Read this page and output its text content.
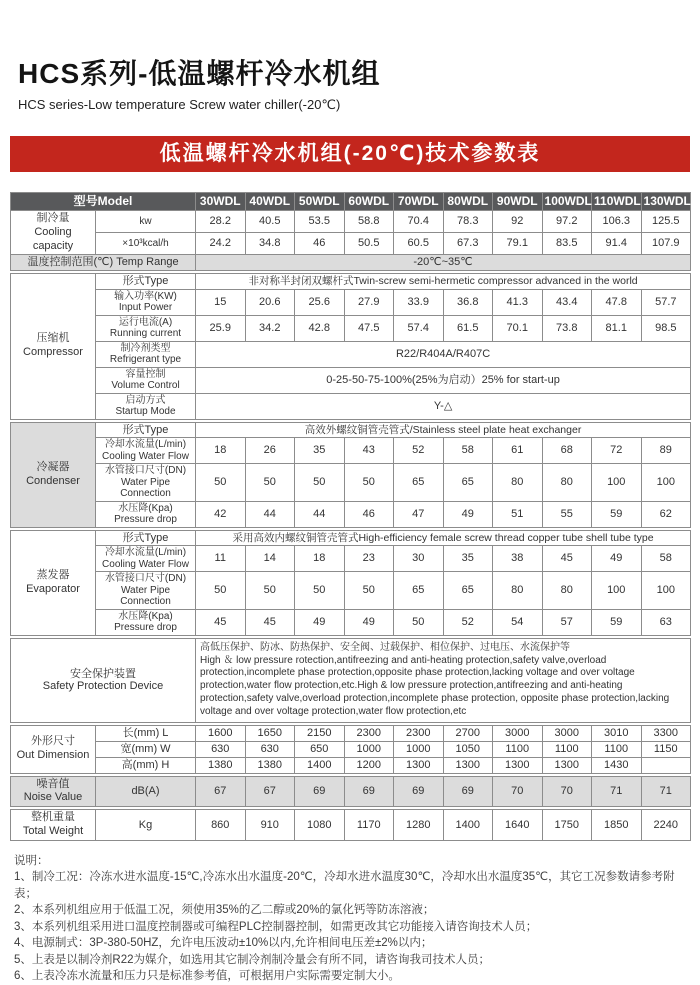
HCS系列-低温螺杆冷水机组
HCS series-Low temperature Screw water chiller(-20℃)
低温螺杆冷水机组(-20℃)技术参数表
型号Model		30WDL	40WDL	50WDL	60WDL	70WDL	80WDL	90WDL	100WDL	110WDL	130WDL

制冷量
Cooling capacity	kw	28.2	40.5	53.5	58.8	70.4	78.3	92	97.2	106.3	125.5
	×10³kcal/h	24.2	34.8	46	50.5	60.5	67.3	79.1	83.5	91.4	107.9
温度控制范围(℃) Temp Range		-20℃~35℃									
压缩机
Compressor	形式Type	非对称半封闭双螺杆式Twin-screw semi-hermetic compressor advanced in the world									

	输入功率(KW)
Input Power	15	20.6	25.6	27.9	33.9	36.8	41.3	43.4	47.8	57.7

	运行电流(A)
Running current	25.9	34.2	42.8	47.5	57.4	61.5	70.1	73.8	81.1	98.5

	制冷剂类型
Refrigerant type	R22/R404A/R407C									

	容量控制
Volume Control	0-25-50-75-100%(25%为启动）25% for start-up									

	启动方式
Startup Mode	Y-△									
冷凝器
Condenser	形式Type	高效外螺纹铜管壳管式/Stainless steel plate heat exchanger									

	冷却水流量(L/min)
Cooling Water Flow	18	26	35	43	52	58	61	68	72	89

	水管接口尺寸(DN)
Water Pipe Connection	50	50	50	50	65	65	80	80	100	100

	水压降(Kpa)
Pressure drop	42	44	44	46	47	49	51	55	59	62
蒸发器
Evaporator	形式Type	采用高效内螺纹铜管壳管式High-efficiency female screw thread copper tube shell tube type									

	冷却水流量(L/min)
Cooling Water Flow	11	14	18	23	30	35	38	45	49	58

	水管接口尺寸(DN)
Water Pipe Connection	50	50	50	50	65	65	80	80	100	100

	水压降(Kpa)
Pressure drop	45	45	49	49	50	52	54	57	59	63
安全保护装置
Safety Protection Device

高低压保护、防冰、防热保护、安全阀、过载保护、相位保护、过电压、水流保护等
High ＆ low pressure rotection,antifreezing and anti-heating protection,safety valve,overload protection,incomplete phase protection,opposite phase protection,lacking voltage and over voltage protection,water flow protection,etc.High & low pressure protection,antifreezing and anti-heating protection,safety valve,overload protection,incomplete phase protection, opposite phase protection,lacking voltage and over voltage protection,water flow protection,etc
外形尺寸
Out Dimension	长(mm) L	1600	1650	2150	2300	2300	2700	3000	3000	3010	3300
	宽(mm) W	630	630	650	1000	1000	1050	1100	1100	1100	1150
	高(mm) H	1380	1380	1400	1200	1300	1300	1300	1300	1430	
噪音值
Noise Value
	dB(A)	67	67	69	69	69	69	70	70	71	71
整机重量
Total Weight
	Kg	860	910	1080	1170	1280	1400	1640	1750	1850	2240
说明：
1、制冷工况：冷冻水进水温度-15℃,冷冻水出水温度-20℃，冷却水进水温度30℃，冷却水出水温度35℃，其它工况参数请参考附表；
2、本系列机组应用于低温工况，须使用35%的乙二醇或20%的氯化钙等防冻溶液；
3、本系列机组采用进口温度控制器或可编程PLC控制器控制，如需更改其它功能接入请咨询技术人员；
4、电源制式：3P-380-50HZ，允许电压波动±10%以内,允许相间电压差±2%以内；
5、上表是以制冷剂R22为媒介，如选用其它制冷剂制冷量会有所不同，请咨询我司技术人员；
6、上表冷冻水流量和压力只是标准参考值，可根据用户实际需要定制大小。
